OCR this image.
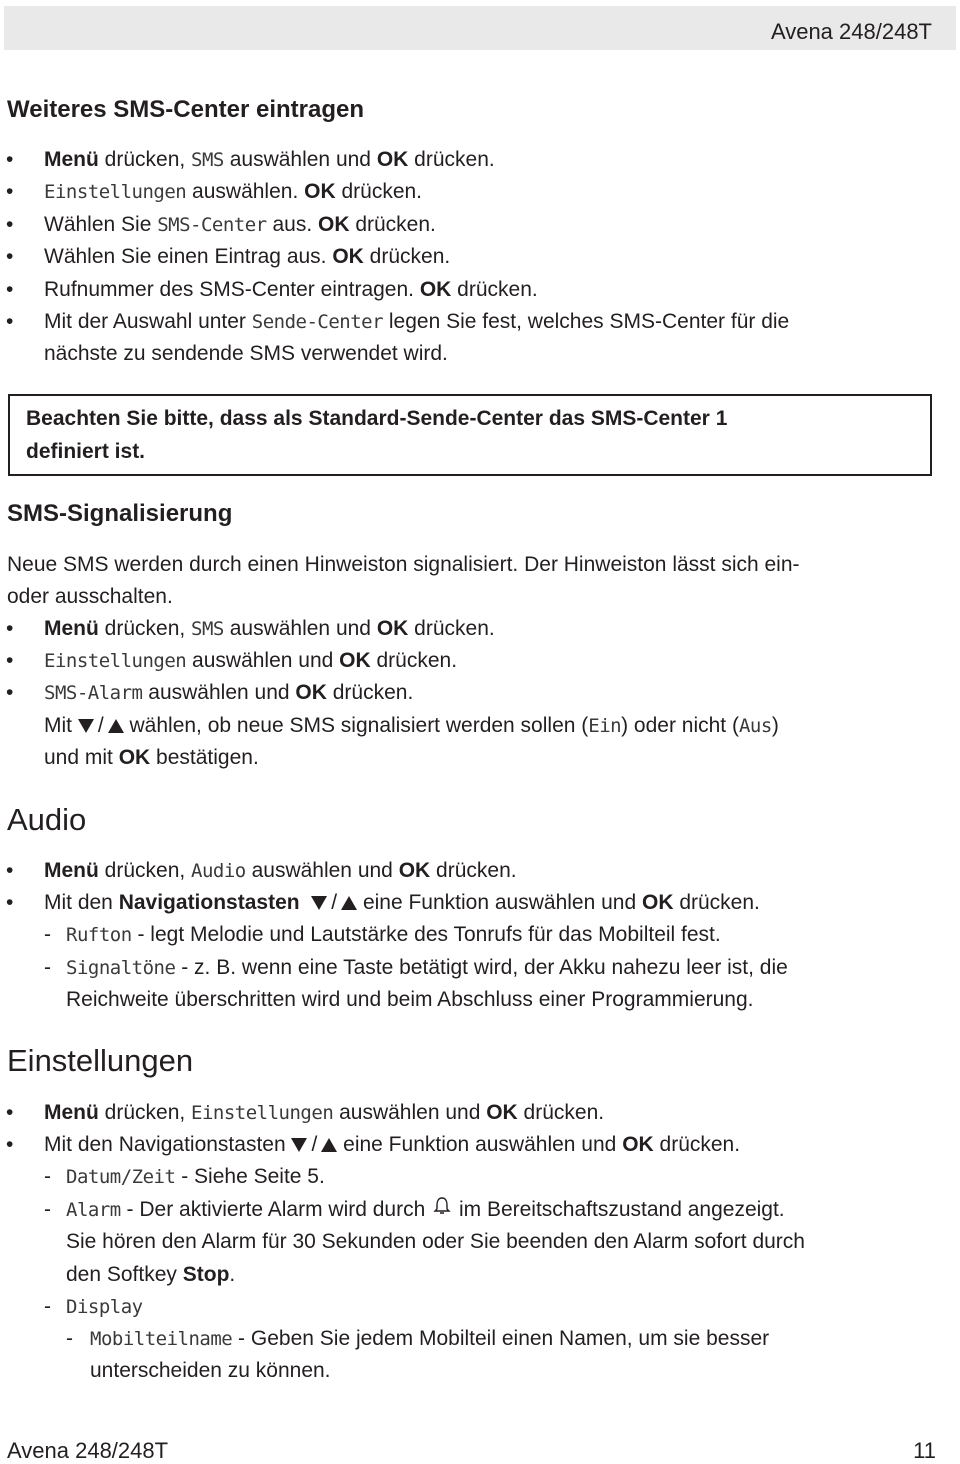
Avena 248/248T
Weiteres SMS-Center eintragen
• Menü drücken, SMS auswählen und OK drücken.
• Einstellungen auswählen. OK drücken.
• Wählen Sie SMS-Center aus. OK drücken.
• Wählen Sie einen Eintrag aus. OK drücken.
• Rufnummer des SMS-Center eintragen. OK drücken.
• Mit der Auswahl unter Sende-Center legen Sie fest, welches SMS-Center für die
nächste zu sendende SMS verwendet wird.
Beachten Sie bitte, dass als Standard-Sende-Center das SMS-Center 1
definiert ist.
SMS-Signalisierung
Neue SMS werden durch einen Hinweiston signalisiert. Der Hinweiston lässt sich ein-
oder ausschalten.
• Menü drücken, SMS auswählen und OK drücken.
• Einstellungen auswählen und OK drücken.
• SMS-Alarm auswählen und OK drücken.
Mit / wählen, ob neue SMS signalisiert werden sollen (Ein) oder nicht (Aus)
und mit OK bestätigen.
Audio
• Menü drücken, Audio auswählen und OK drücken.
• Mit den Navigationstasten / eine Funktion auswählen und OK drücken.
- Rufton - legt Melodie und Lautstärke des Tonrufs für das Mobilteil fest.
- Signaltöne - z. B. wenn eine Taste betätigt wird, der Akku nahezu leer ist, die
Reichweite überschritten wird und beim Abschluss einer Programmierung.
Einstellungen
• Menü drücken, Einstellungen auswählen und OK drücken.
• Mit den Navigationstasten / eine Funktion auswählen und OK drücken.
- Datum/Zeit - Siehe Seite 5.
- Alarm - Der aktivierte Alarm wird durch  im Bereitschaftszustand angezeigt.
Sie hören den Alarm für 30 Sekunden oder Sie beenden den Alarm sofort durch
den Softkey Stop.
- Display
- Mobilteilname - Geben Sie jedem Mobilteil einen Namen, um sie besser
unterscheiden zu können.
Avena 248/248T	11
